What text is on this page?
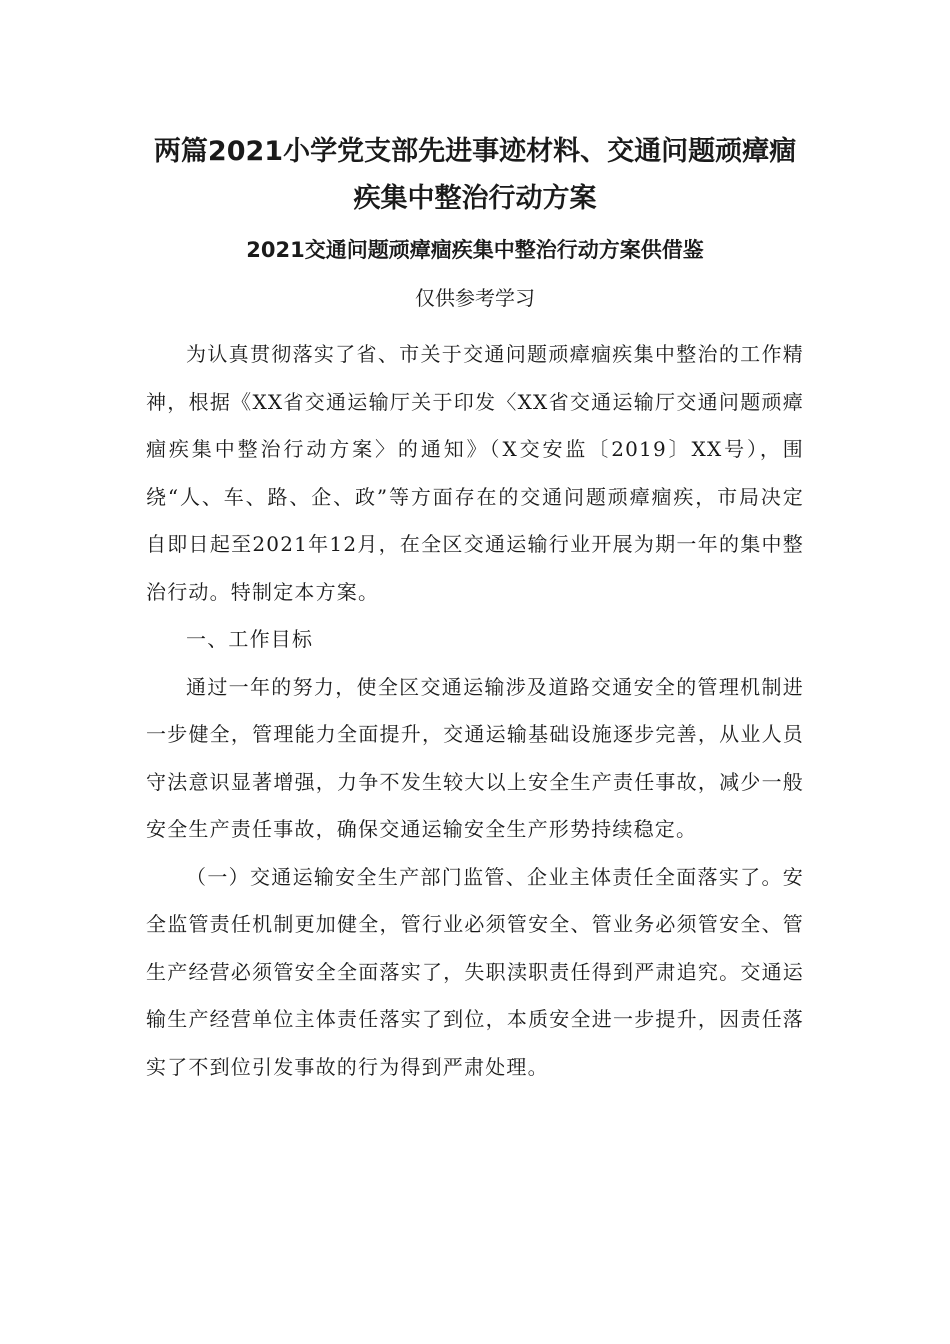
两篇2021小学党支部先进事迹材料、交通问题顽瘴痼疾集中整治行动方案
2021交通问题顽瘴痼疾集中整治行动方案供借鉴

仅供参考学习

为认真贯彻落实了省、市关于交通问题顽瘴痼疾集中整治的工作精神，根据《XX省交通运输厅关于印发〈XX省交通运输厅交通问题顽瘴痼疾集中整治行动方案〉的通知》（X交安监〔2019〕XX号），围绕“人、车、路、企、政”等方面存在的交通问题顽瘴痼疾，市局决定自即日起至2021年12月，在全区交通运输行业开展为期一年的集中整治行动。特制定本方案。

一、工作目标

通过一年的努力，使全区交通运输涉及道路交通安全的管理机制进一步健全，管理能力全面提升，交通运输基础设施逐步完善，从业人员守法意识显著增强，力争不发生较大以上安全生产责任事故，减少一般安全生产责任事故，确保交通运输安全生产形势持续稳定。

（一）交通运输安全生产部门监管、企业主体责任全面落实了。安全监管责任机制更加健全，管行业必须管安全、管业务必须管安全、管生产经营必须管安全全面落实了，失职渎职责任得到严肃追究。交通运输生产经营单位主体责任落实了到位，本质安全进一步提升，因责任落实了不到位引发事故的行为得到严肃处理。
